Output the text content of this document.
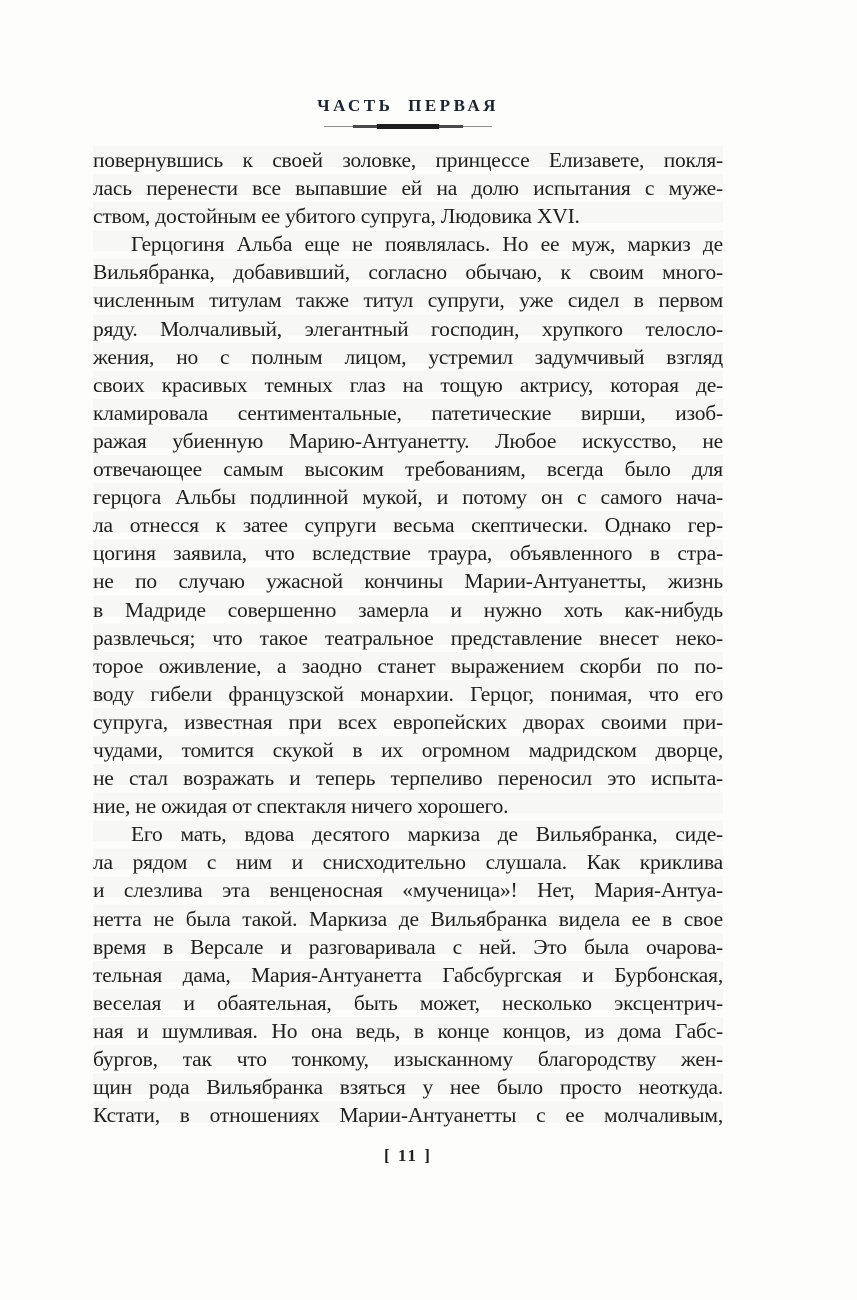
ЧАСТЬ ПЕРВАЯ
повернувшись к своей золовке, принцессе Елизавете, покля-
лась перенести все выпавшие ей на долю испытания с муже-
ством, достойным ее убитого супруга, Людовика XVI.
Герцогиня Альба еще не появлялась. Но ее муж, маркиз де
Вильябранка, добавивший, согласно обычаю, к своим много-
численным титулам также титул супруги, уже сидел в первом
ряду. Молчаливый, элегантный господин, хрупкого телосло-
жения, но с полным лицом, устремил задумчивый взгляд
своих красивых темных глаз на тощую актрису, которая де-
кламировала сентиментальные, патетические вирши, изоб-
ражая убиенную Марию-Антуанетту. Любое искусство, не
отвечающее самым высоким требованиям, всегда было для
герцога Альбы подлинной мукой, и потому он с самого нача-
ла отнесся к затее супруги весьма скептически. Однако гер-
цогиня заявила, что вследствие траура, объявленного в стра-
не по случаю ужасной кончины Марии-Антуанетты, жизнь
в Мадриде совершенно замерла и нужно хоть как-нибудь
развлечься; что такое театральное представление внесет неко-
торое оживление, а заодно станет выражением скорби по по-
воду гибели французской монархии. Герцог, понимая, что его
супруга, известная при всех европейских дворах своими при-
чудами, томится скукой в их огромном мадридском дворце,
не стал возражать и теперь терпеливо переносил это испыта-
ние, не ожидая от спектакля ничего хорошего.
Его мать, вдова десятого маркиза де Вильябранка, сиде-
ла рядом с ним и снисходительно слушала. Как криклива
и слезлива эта венценосная «мученица»! Нет, Мария-Антуа-
нетта не была такой. Маркиза де Вильябранка видела ее в свое
время в Версале и разговаривала с ней. Это была очарова-
тельная дама, Мария-Антуанетта Габсбургская и Бурбонская,
веселая и обаятельная, быть может, несколько эксцентрич-
ная и шумливая. Но она ведь, в конце концов, из дома Габс-
бургов, так что тонкому, изысканному благородству жен-
щин рода Вильябранка взяться у нее было просто неоткуда.
Кстати, в отношениях Марии-Антуанетты с ее молчаливым,
[ 11 ]
